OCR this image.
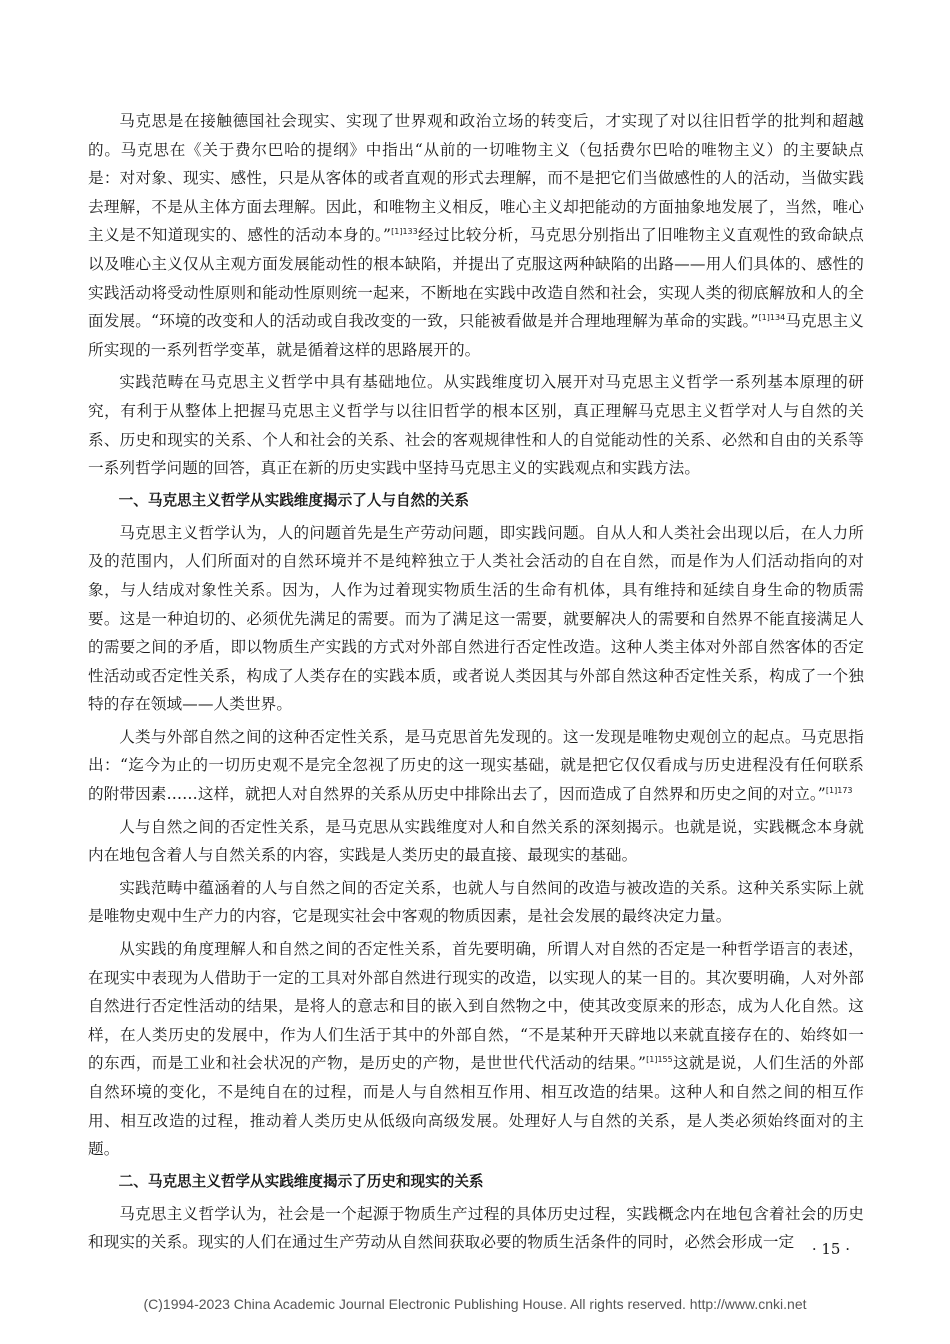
马克思是在接触德国社会现实、实现了世界观和政治立场的转变后，才实现了对以往旧哲学的批判和超越的。马克思在《关于费尔巴哈的提纲》中指出“从前的一切唯物主义（包括费尔巴哈的唯物主义）的主要缺点是：对对象、现实、感性，只是从客体的或者直观的形式去理解，而不是把它们当做感性的人的活动，当做实践去理解，不是从主体方面去理解。因此，和唯物主义相反，唯心主义却把能动的方面抽象地发展了，当然，唯心主义是不知道现实的、感性的活动本身的。”$^{[1]133}$经过比较分析，马克思分别指出了旧唯物主义直观性的致命缺点以及唯心主义仅从主观方面发展能动性的根本缺陷，并提出了克服这两种缺陷的出路——用人们具体的、感性的实践活动将受动性原则和能动性原则统一起来，不断地在实践中改造自然和社会，实现人类的彻底解放和人的全面发展。“环境的改变和人的活动或自我改变的一致，只能被看做是并合理地理解为革命的实践。”$^{[1]134}$马克思主义所实现的一系列哲学变革，就是循着这样的思路展开的。

实践范畴在马克思主义哲学中具有基础地位。从实践维度切入展开对马克思主义哲学一系列基本原理的研究，有利于从整体上把握马克思主义哲学与以往旧哲学的根本区别，真正理解马克思主义哲学对人与自然的关系、历史和现实的关系、个人和社会的关系、社会的客观规律性和人的自觉能动性的关系、必然和自由的关系等一系列哲学问题的回答，真正在新的历史实践中坚持马克思主义的实践观点和实践方法。

一、马克思主义哲学从实践维度揭示了人与自然的关系

马克思主义哲学认为，人的问题首先是生产劳动问题，即实践问题。自从人和人类社会出现以后，在人力所及的范围内，人们所面对的自然环境并不是纯粹独立于人类社会活动的自在自然，而是作为人们活动指向的对象，与人结成对象性关系。因为，人作为过着现实物质生活的生命有机体，具有维持和延续自身生命的物质需要。这是一种迫切的、必须优先满足的需要。而为了满足这一需要，就要解决人的需要和自然界不能直接满足人的需要之间的矛盾，即以物质生产实践的方式对外部自然进行否定性改造。这种人类主体对外部自然客体的否定性活动或否定性关系，构成了人类存在的实践本质，或者说人类因其与外部自然这种否定性关系，构成了一个独特的存在领域——人类世界。

人类与外部自然之间的这种否定性关系，是马克思首先发现的。这一发现是唯物史观创立的起点。马克思指出：“迄今为止的一切历史观不是完全忽视了历史的这一现实基础，就是把它仅仅看成与历史进程没有任何联系的附带因素……这样，就把人对自然界的关系从历史中排除出去了，因而造成了自然界和历史之间的对立。”$^{[1]173}$

人与自然之间的否定性关系，是马克思从实践维度对人和自然关系的深刻揭示。也就是说，实践概念本身就内在地包含着人与自然关系的内容，实践是人类历史的最直接、最现实的基础。

实践范畴中蕴涵着的人与自然之间的否定关系，也就人与自然间的改造与被改造的关系。这种关系实际上就是唯物史观中生产力的内容，它是现实社会中客观的物质因素，是社会发展的最终决定力量。

从实践的角度理解人和自然之间的否定性关系，首先要明确，所谓人对自然的否定是一种哲学语言的表述，在现实中表现为人借助于一定的工具对外部自然进行现实的改造，以实现人的某一目的。其次要明确，人对外部自然进行否定性活动的结果，是将人的意志和目的嵌入到自然物之中，使其改变原来的形态，成为人化自然。这样，在人类历史的发展中，作为人们生活于其中的外部自然，“不是某种开天辟地以来就直接存在的、始终如一的东西，而是工业和社会状况的产物，是历史的产物，是世世代代活动的结果。”$^{[1]155}$这就是说，人们生活的外部自然环境的变化，不是纯自在的过程，而是人与自然相互作用、相互改造的结果。这种人和自然之间的相互作用、相互改造的过程，推动着人类历史从低级向高级发展。处理好人与自然的关系，是人类必须始终面对的主题。

二、马克思主义哲学从实践维度揭示了历史和现实的关系

马克思主义哲学认为，社会是一个起源于物质生产过程的具体历史过程，实践概念内在地包含着社会的历史和现实的关系。现实的人们在通过生产劳动从自然间获取必要的物质生活条件的同时，必然会形成一定	· 15 ·
(C)1994-2023 China Academic Journal Electronic Publishing House. All rights reserved. http://www.cnki.net
